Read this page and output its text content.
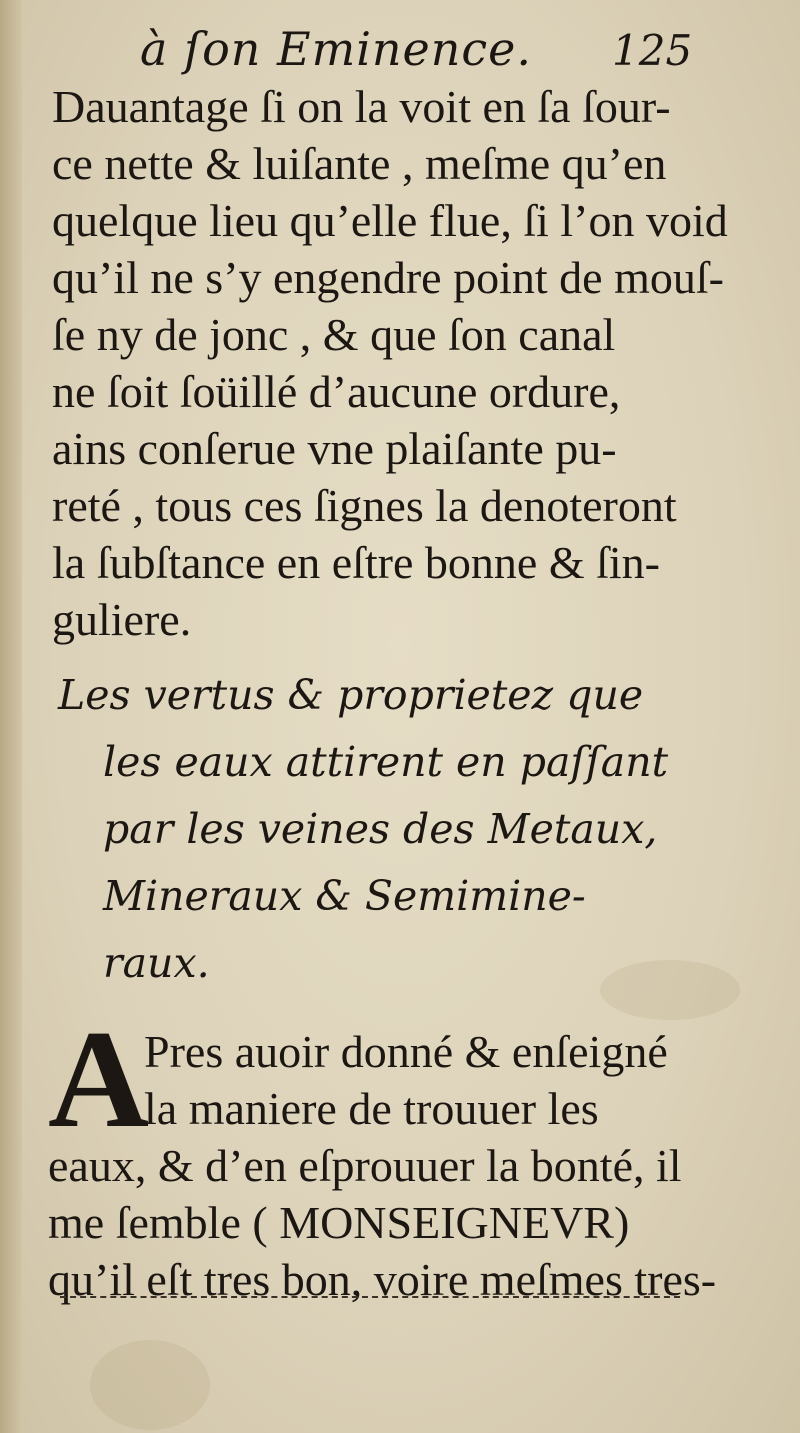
à ſon Eminence. 125
Dauantage ſi on la voit en ſa ſour-
ce nette & luiſante , meſme qu’en
quelque lieu qu’elle flue, ſi l’on void
qu’il ne s’y engendre point de mouſ-
ſe ny de jonc , & que ſon canal
ne ſoit ſoüillé d’aucune ordure,
ains conſerue vne plaiſante pu-
reté , tous ces ſignes la denoteront
la ſubſtance en eſtre bonne & ſin-
guliere.
Les vertus & proprietez que
les eaux attirent en paſſant
par les veines des Metaux,
Mineraux & Semimine-
raux.
A
Pres auoir donné & enſeigné
la maniere de trouuer les
eaux, & d’en eſprouuer la bonté, il
me ſemble ( MONSEIGNEVR)
qu’il eſt tres bon, voire meſmes tres-
